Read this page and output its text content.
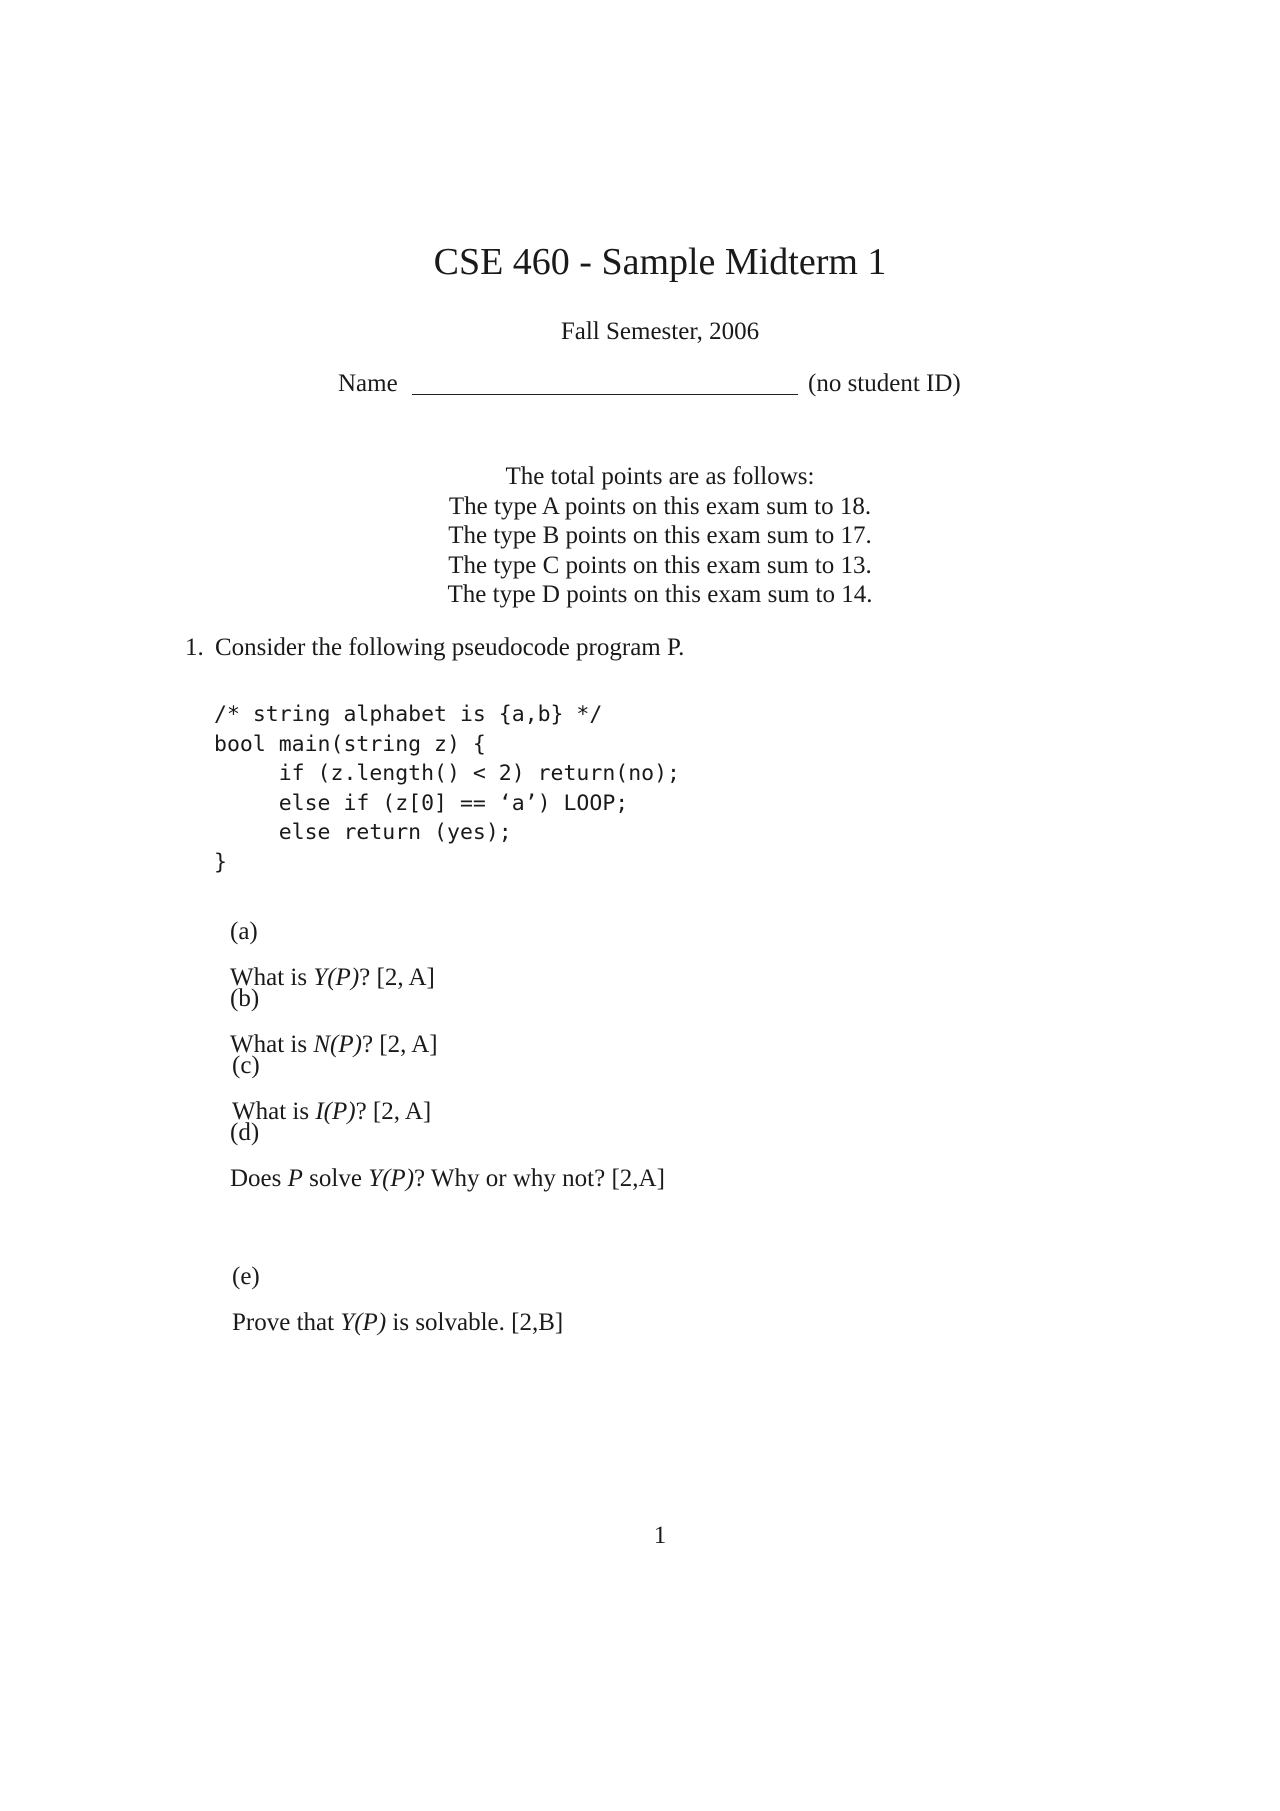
CSE 460 - Sample Midterm 1
Fall Semester, 2006
Name	(no student ID)
The total points are as follows:
The type A points on this exam sum to 18.
The type B points on this exam sum to 17.
The type C points on this exam sum to 13.
The type D points on this exam sum to 14.
1. Consider the following pseudocode program P.
/* string alphabet is {a,b} */
bool main(string z) {
if (z.length() < 2) return(no);
else if (z[0] == ‘a’) LOOP;
else return (yes);
}

(a)

What is Y(P)? [2, A]

(b)

What is N(P)? [2, A]

(c)

What is I(P)? [2, A]

(d)

Does P solve Y(P)? Why or why not? [2,A]

(e)

Prove that Y(P) is solvable. [2,B]

1
